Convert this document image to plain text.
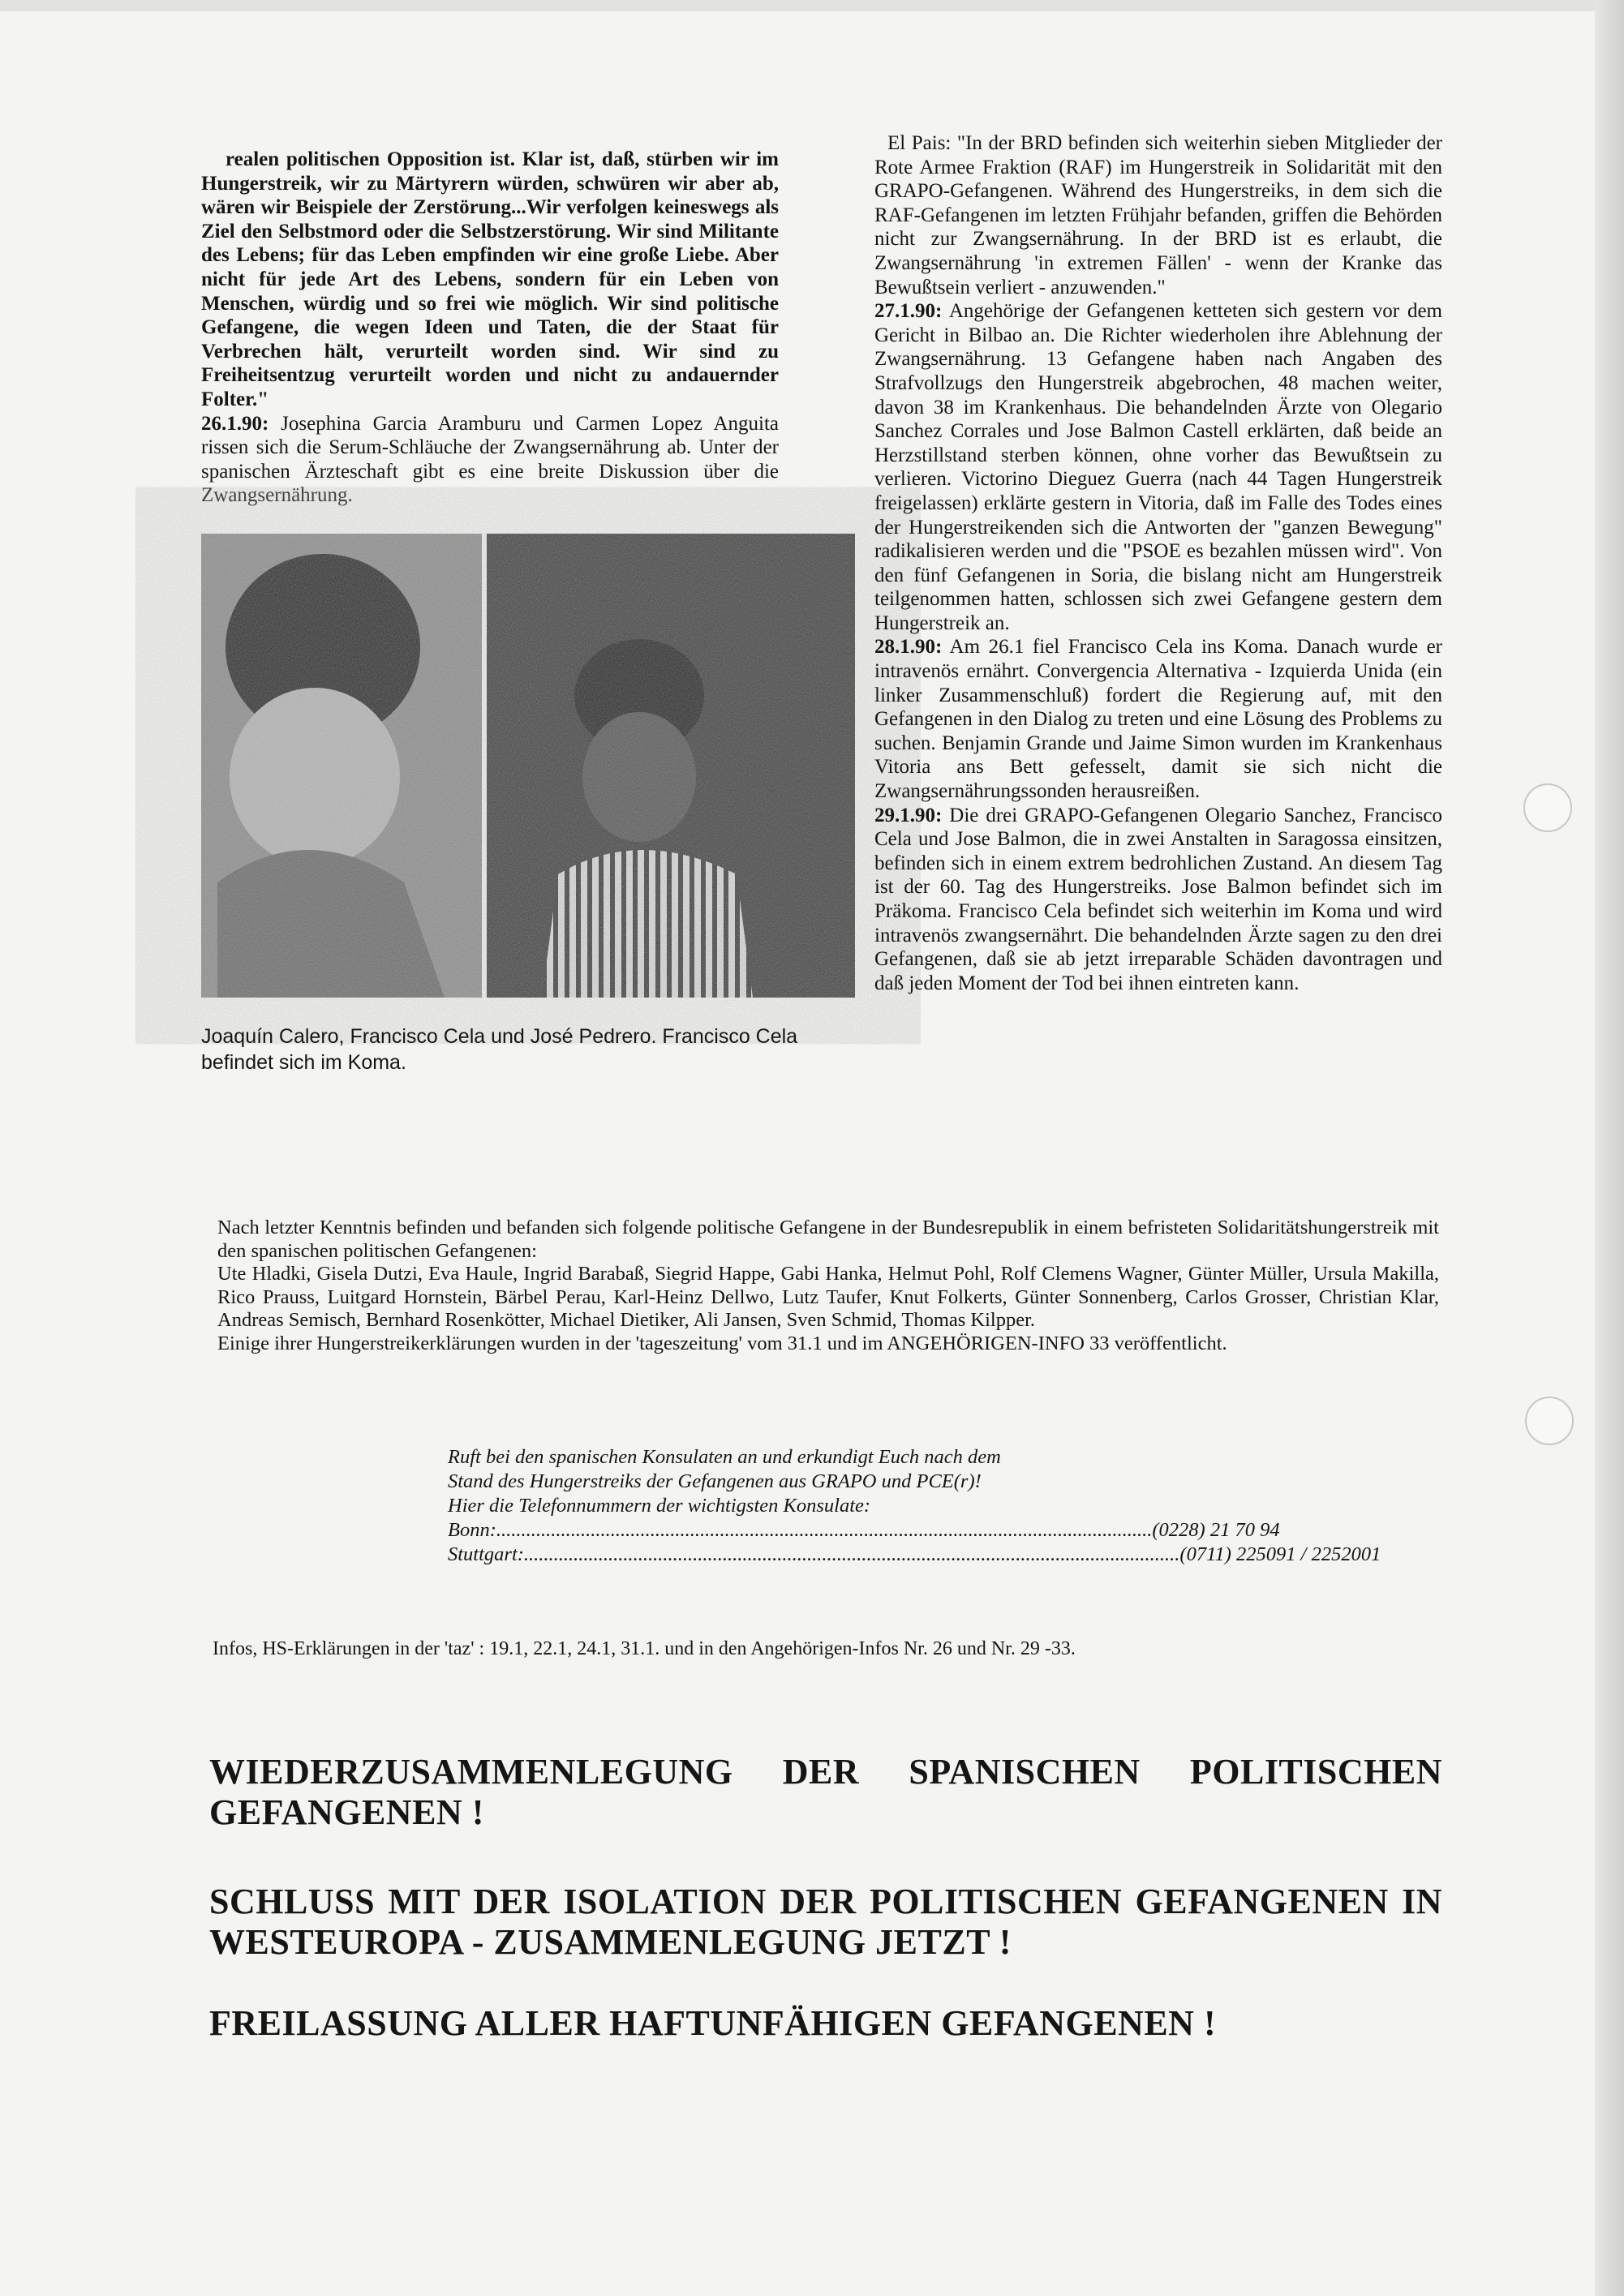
realen politischen Opposition ist. Klar ist, daß, stürben wir im Hungerstreik, wir zu Märtyrern würden, schwüren wir aber ab, wären wir Beispiele der Zerstörung...Wir verfolgen keineswegs als Ziel den Selbstmord oder die Selbstzerstörung. Wir sind Militante des Lebens; für das Leben empfinden wir eine große Liebe. Aber nicht für jede Art des Lebens, sondern für ein Leben von Menschen, würdig und so frei wie möglich. Wir sind politische Gefangene, die wegen Ideen und Taten, die der Staat für Verbrechen hält, verurteilt worden sind. Wir sind zu Freiheitsentzug verurteilt worden und nicht zu andauernder Folter."

26.1.90: Josephina Garcia Aramburu und Carmen Lopez Anguita rissen sich die Serum-Schläuche der Zwangsernährung ab. Unter der spanischen Ärzteschaft gibt es eine breite Diskussion über die Zwangsernährung.

Joaquín Calero, Francisco Cela und José Pedrero. Francisco Cela befindet sich im Koma.

El Pais: "In der BRD befinden sich weiterhin sieben Mitglieder der Rote Armee Fraktion (RAF) im Hungerstreik in Solidarität mit den GRAPO-Gefangenen. Während des Hungerstreiks, in dem sich die RAF-Gefangenen im letzten Frühjahr befanden, griffen die Behörden nicht zur Zwangsernährung. In der BRD ist es erlaubt, die Zwangsernährung 'in extremen Fällen' - wenn der Kranke das Bewußtsein verliert - anzuwenden."

27.1.90: Angehörige der Gefangenen ketteten sich gestern vor dem Gericht in Bilbao an. Die Richter wiederholen ihre Ablehnung der Zwangsernährung. 13 Gefangene haben nach Angaben des Strafvollzugs den Hungerstreik abgebrochen, 48 machen weiter, davon 38 im Krankenhaus. Die behandelnden Ärzte von Olegario Sanchez Corrales und Jose Balmon Castell erklärten, daß beide an Herzstillstand sterben können, ohne vorher das Bewußtsein zu verlieren. Victorino Dieguez Guerra (nach 44 Tagen Hungerstreik freigelassen) erklärte gestern in Vitoria, daß im Falle des Todes eines der Hungerstreikenden sich die Antworten der "ganzen Bewegung" radikalisieren werden und die "PSOE es bezahlen müssen wird". Von den fünf Gefangenen in Soria, die bislang nicht am Hungerstreik teilgenommen hatten, schlossen sich zwei Gefangene gestern dem Hungerstreik an.

28.1.90: Am 26.1 fiel Francisco Cela ins Koma. Danach wurde er intravenös ernährt. Convergencia Alternativa - Izquierda Unida (ein linker Zusammenschluß) fordert die Regierung auf, mit den Gefangenen in den Dialog zu treten und eine Lösung des Problems zu suchen. Benjamin Grande und Jaime Simon wurden im Krankenhaus Vitoria ans Bett gefesselt, damit sie sich nicht die Zwangsernährungssonden herausreißen.

29.1.90: Die drei GRAPO-Gefangenen Olegario Sanchez, Francisco Cela und Jose Balmon, die in zwei Anstalten in Saragossa einsitzen, befinden sich in einem extrem bedrohlichen Zustand. An diesem Tag ist der 60. Tag des Hungerstreiks. Jose Balmon befindet sich im Präkoma. Francisco Cela befindet sich weiterhin im Koma und wird intravenös zwangsernährt. Die behandelnden Ärzte sagen zu den drei Gefangenen, daß sie ab jetzt irreparable Schäden davontragen und daß jeden Moment der Tod bei ihnen eintreten kann.

Nach letzter Kenntnis befinden und befanden sich folgende politische Gefangene in der Bundesrepublik in einem befristeten Solidaritätshungerstreik mit den spanischen politischen Gefangenen:

Ute Hladki, Gisela Dutzi, Eva Haule, Ingrid Barabaß, Siegrid Happe, Gabi Hanka, Helmut Pohl, Rolf Clemens Wagner, Günter Müller, Ursula Makilla, Rico Prauss, Luitgard Hornstein, Bärbel Perau, Karl-Heinz Dellwo, Lutz Taufer, Knut Folkerts, Günter Sonnenberg, Carlos Grosser, Christian Klar, Andreas Semisch, Bernhard Rosenkötter, Michael Dietiker, Ali Jansen, Sven Schmid, Thomas Kilpper.

Einige ihrer Hungerstreikerklärungen wurden in der 'tageszeitung' vom 31.1 und im ANGEHÖRIGEN-INFO 33 veröffentlicht.

Ruft bei den spanischen Konsulaten an und erkundigt Euch nach dem
Stand des Hungerstreiks der Gefangenen aus GRAPO und PCE(r)!
Hier die Telefonnummern der wichtigsten Konsulate:
Bonn: .................................................................................................................................... (0228) 21 70 94
Stuttgart: .................................................................................................................................... (0711) 225091 / 2252001
Infos, HS-Erklärungen in der 'taz' : 19.1, 22.1, 24.1, 31.1. und in den Angehörigen-Infos Nr. 26 und Nr. 29 -33.
WIEDERZUSAMMENLEGUNG DER SPANISCHEN POLITISCHEN GEFANGENEN !
SCHLUSS MIT DER ISOLATION DER POLITISCHEN GEFANGENEN IN WESTEUROPA - ZUSAMMENLEGUNG JETZT !
FREILASSUNG ALLER HAFTUNFÄHIGEN GEFANGENEN !
